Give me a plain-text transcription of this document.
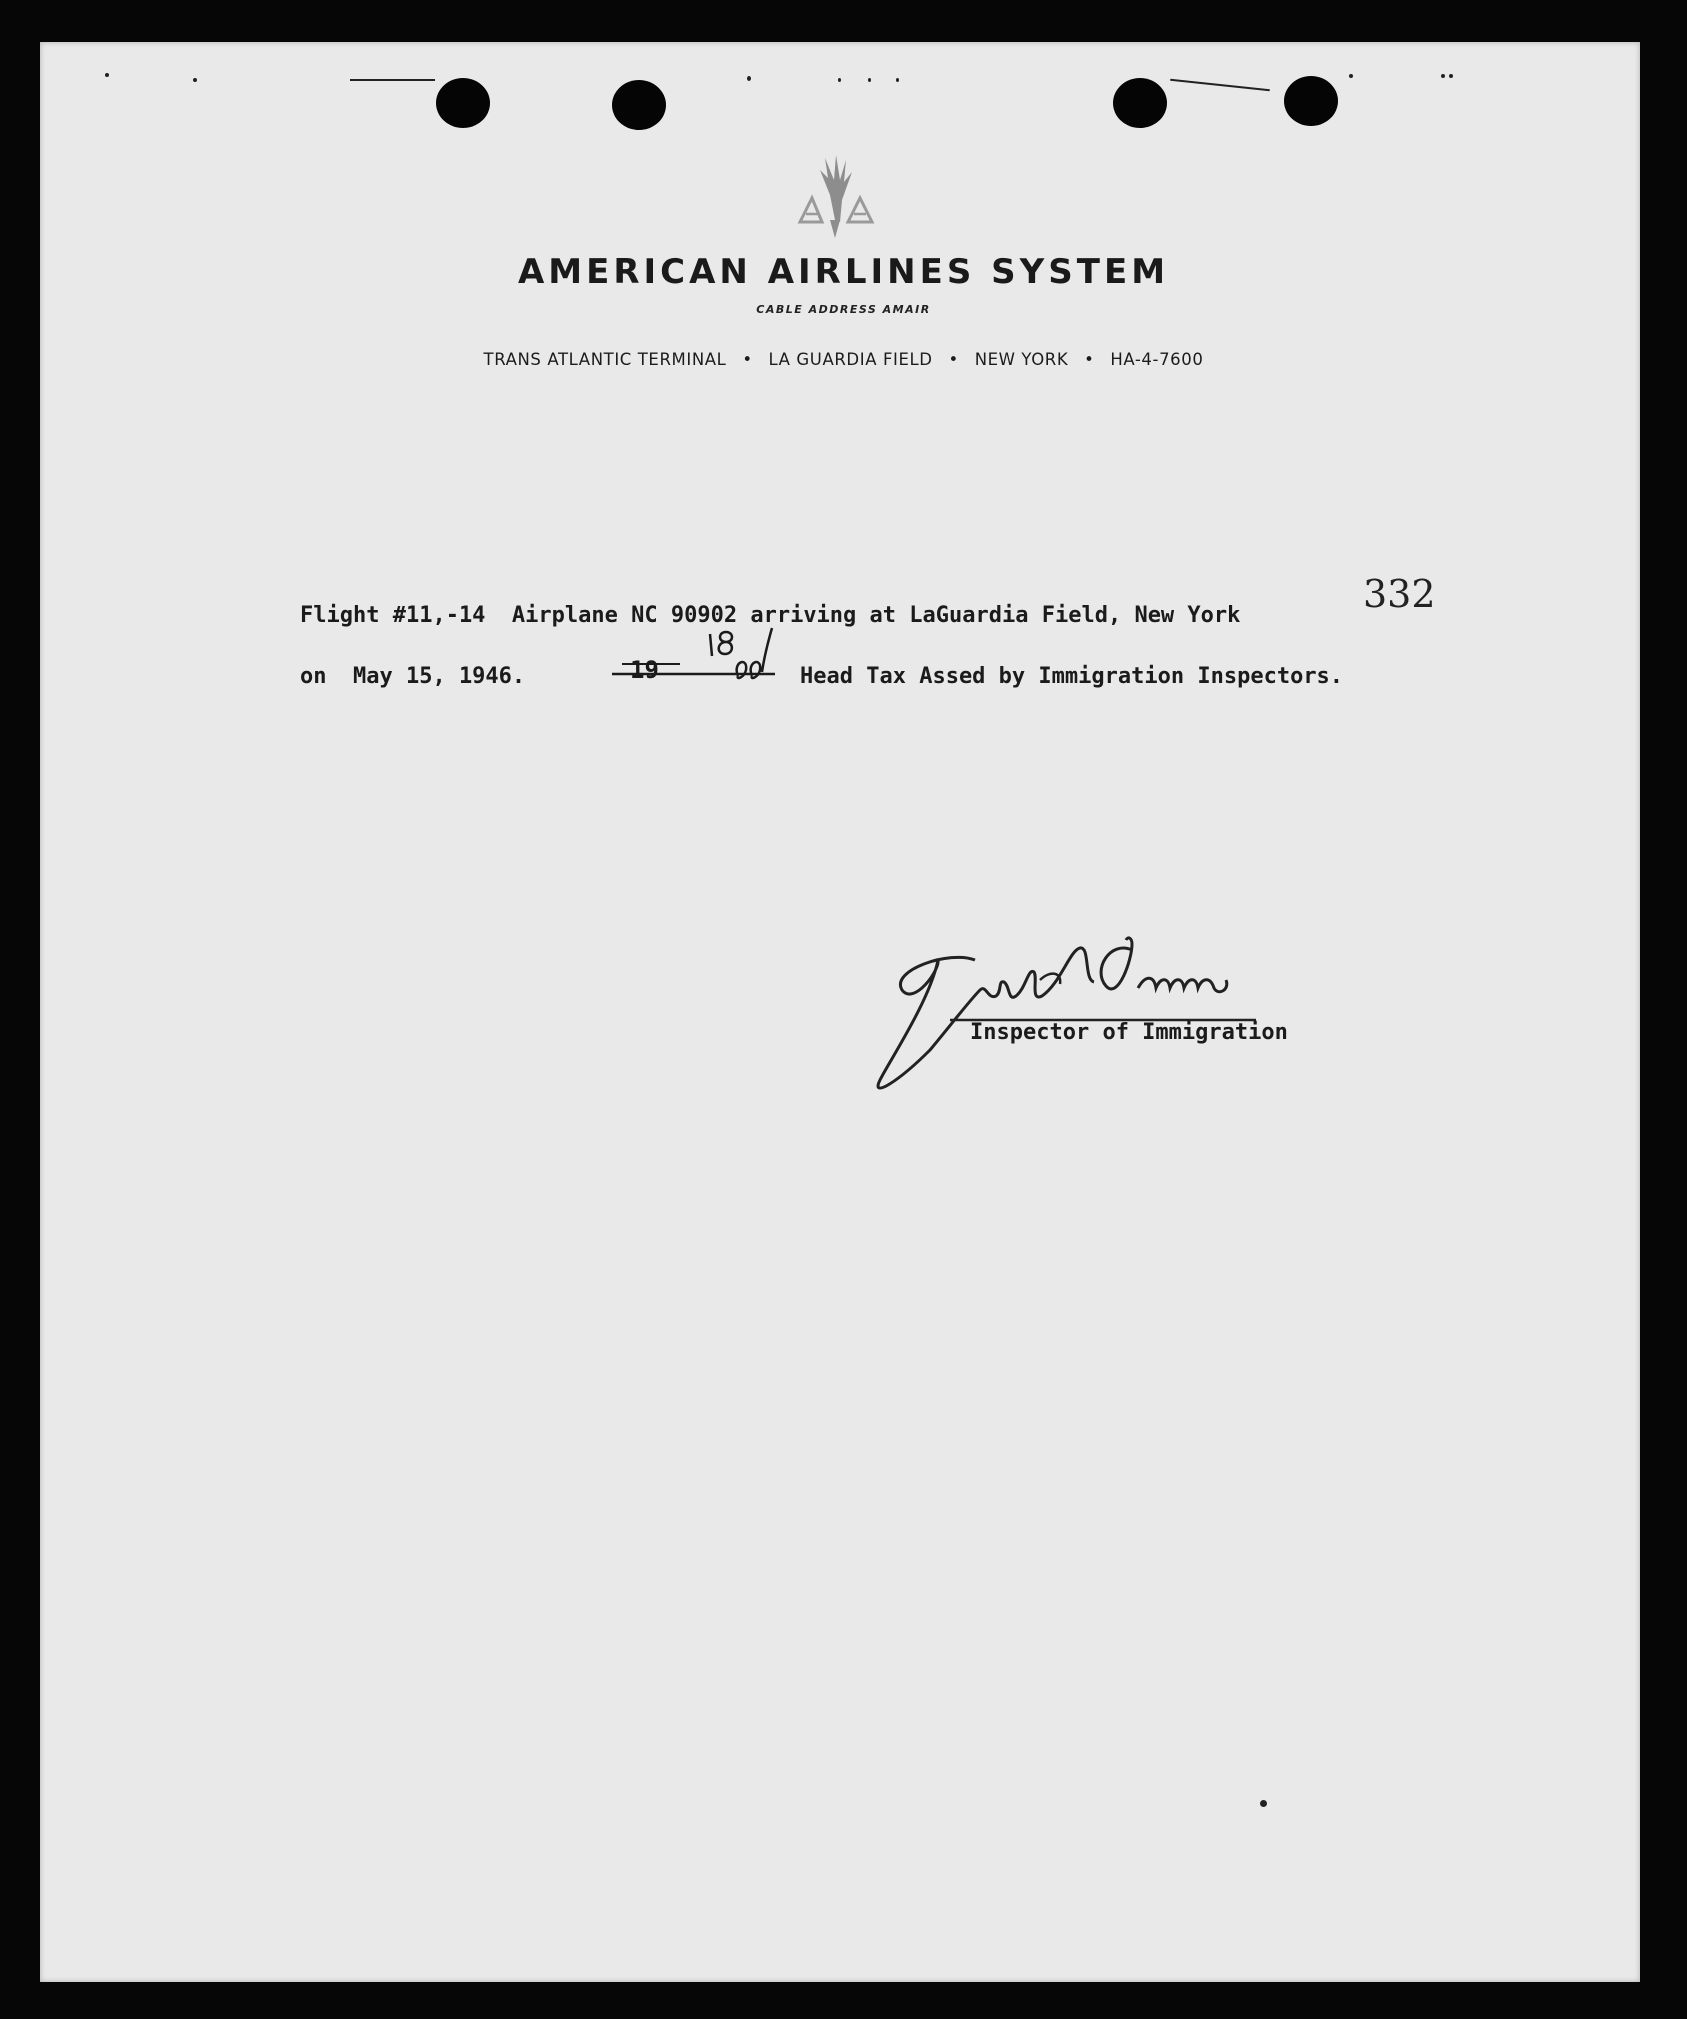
AMERICAN AIRLINES SYSTEM
CABLE ADDRESS AMAIR
TRANS ATLANTIC TERMINAL • LA GUARDIA FIELD • NEW YORK • HA-4-7600
332
Flight #11,-14  Airplane NC 90902 arriving at LaGuardia Field, New York
on  May 15, 1946.	19	Head Tax Assed by Immigration Inspectors.
Inspector of Immigration
